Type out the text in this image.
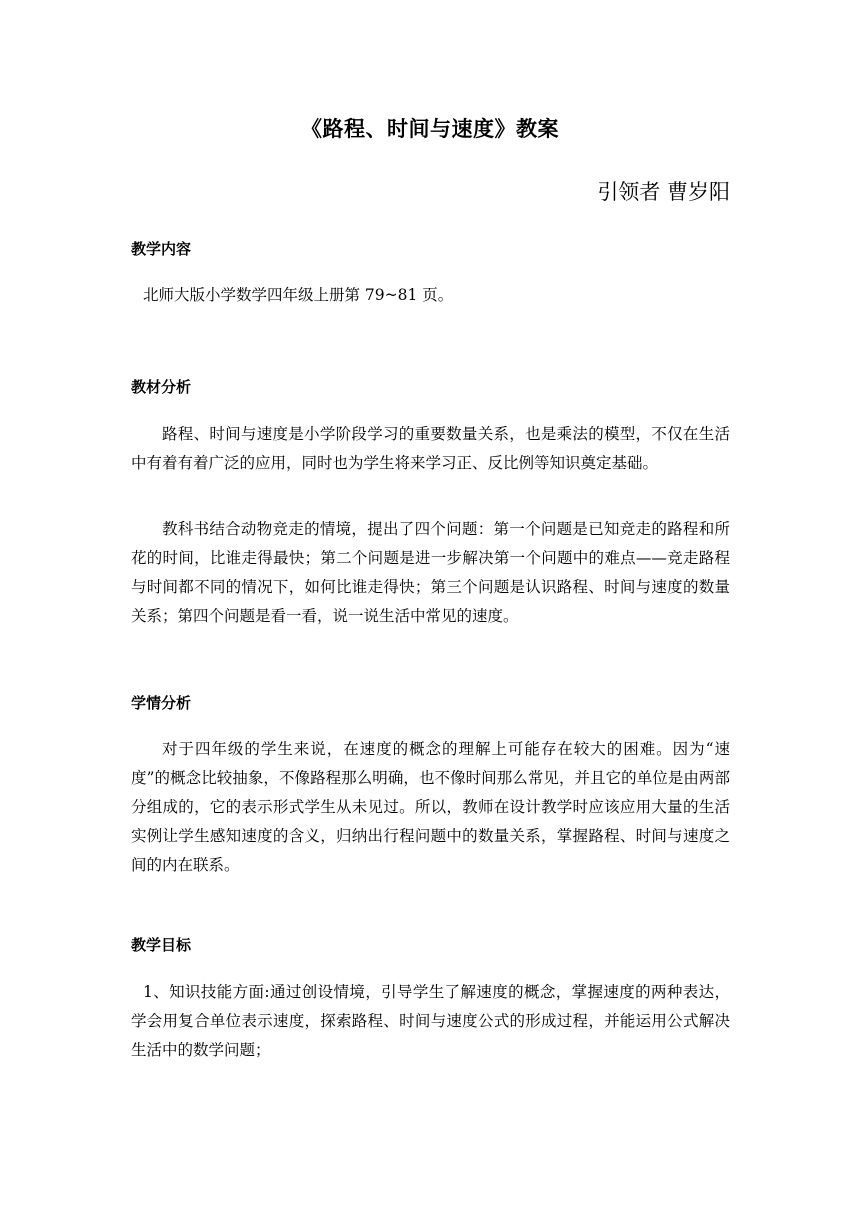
《路程、时间与速度》教案
引领者 曹岁阳
教学内容
北师大版小学数学四年级上册第 79~81 页。
教材分析
路程、时间与速度是小学阶段学习的重要数量关系，也是乘法的模型，不仅在生活中有着有着广泛的应用，同时也为学生将来学习正、反比例等知识奠定基础。
教科书结合动物竞走的情境，提出了四个问题：第一个问题是已知竞走的路程和所花的时间，比谁走得最快；第二个问题是进一步解决第一个问题中的难点——竞走路程与时间都不同的情况下，如何比谁走得快；第三个问题是认识路程、时间与速度的数量关系；第四个问题是看一看，说一说生活中常见的速度。
学情分析
对于四年级的学生来说，在速度的概念的理解上可能存在较大的困难。因为“速度”的概念比较抽象，不像路程那么明确，也不像时间那么常见，并且它的单位是由两部分组成的，它的表示形式学生从未见过。所以，教师在设计教学时应该应用大量的生活实例让学生感知速度的含义，归纳出行程问题中的数量关系，掌握路程、时间与速度之间的内在联系。
教学目标
1、知识技能方面:通过创设情境，引导学生了解速度的概念，掌握速度的两种表达，学会用复合单位表示速度，探索路程、时间与速度公式的形成过程，并能运用公式解决生活中的数学问题；
